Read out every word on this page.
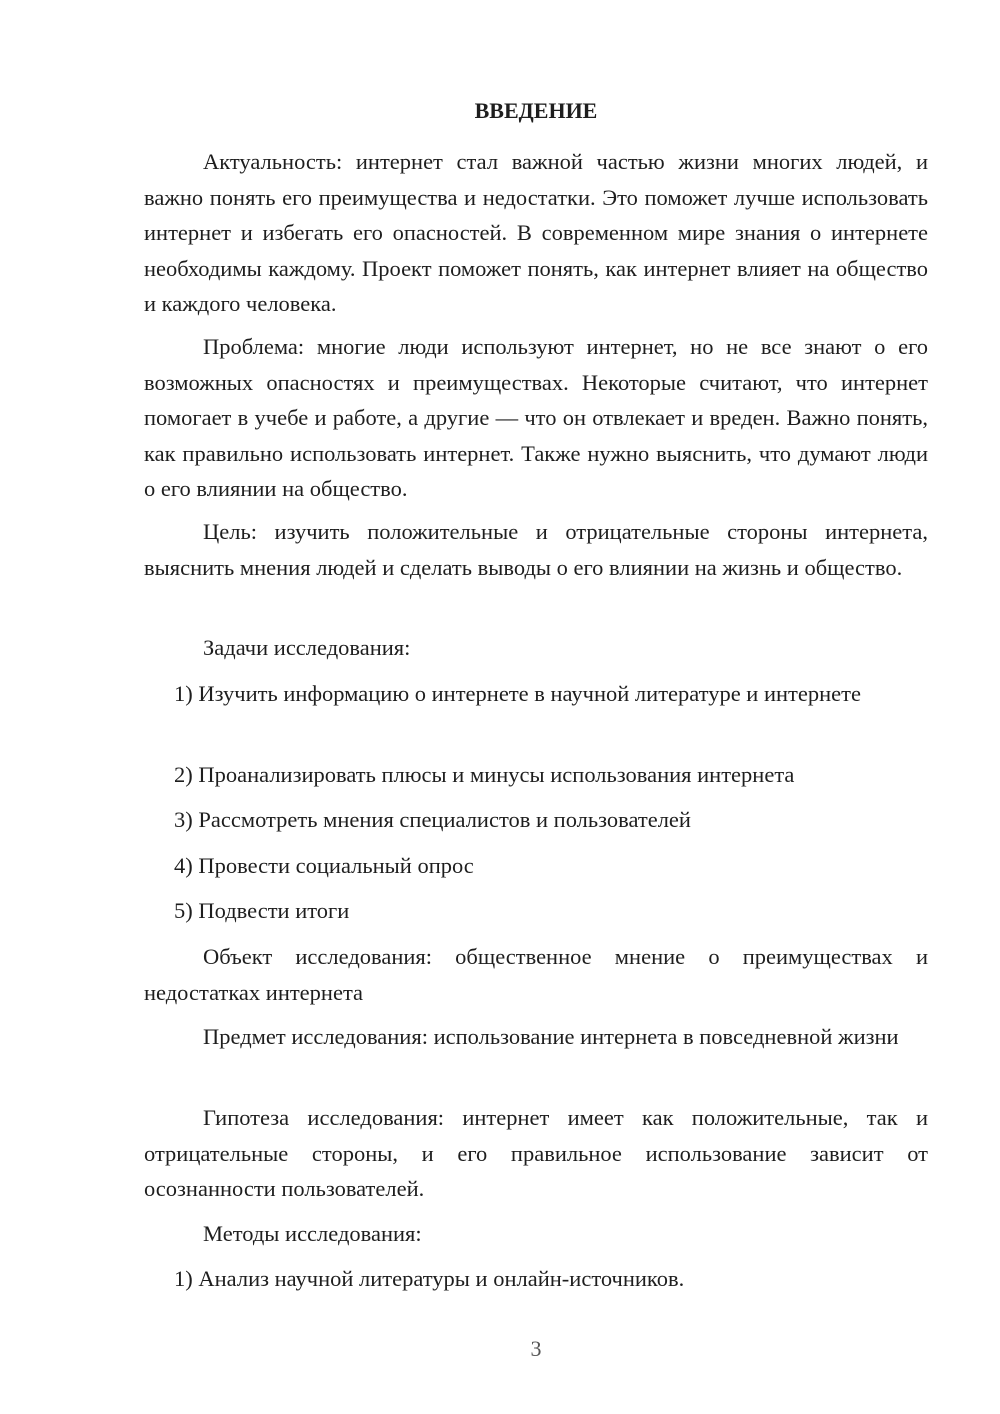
ВВЕДЕНИЕ

Актуальность: интернет стал важной частью жизни многих людей, и важно понять его преимущества и недостатки. Это поможет лучше использовать интернет и избегать его опасностей. В современном мире знания о интернете необходимы каждому. Проект поможет понять, как интернет влияет на общество и каждого человека.

Проблема: многие люди используют интернет, но не все знают о его возможных опасностях и преимуществах. Некоторые считают, что интернет помогает в учебе и работе, а другие — что он отвлекает и вреден. Важно понять, как правильно использовать интернет. Также нужно выяснить, что думают люди о его влиянии на общество.

Цель: изучить положительные и отрицательные стороны интернета, выяснить мнения людей и сделать выводы о его влиянии на жизнь и общество.

Задачи исследования:

1) Изучить информацию о интернете в научной литературе и интернете

2) Проанализировать плюсы и минусы использования интернета

3) Рассмотреть мнения специалистов и пользователей

4) Провести социальный опрос

5) Подвести итоги

Объект исследования: общественное мнение о преимуществах и недостатках интернета

Предмет исследования: использование интернета в повседневной жизни

Гипотеза исследования: интернет имеет как положительные, так и отрицательные стороны, и его правильное использование зависит от осознанности пользователей.

Методы исследования:

1) Анализ научной литературы и онлайн-источников.

3
